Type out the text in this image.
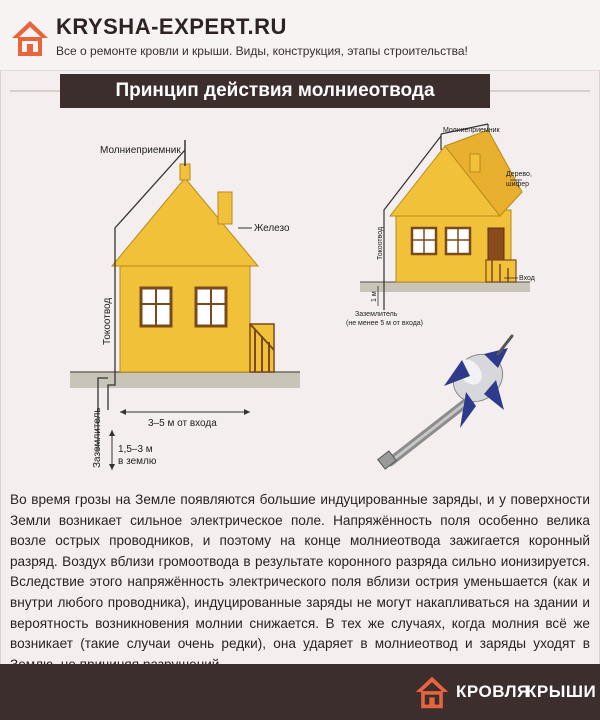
KRYSHA-EXPERT.RU
Все о ремонте кровли и крыши. Виды, конструкция, этапы строительства!
Принцип действия молниеотвода
Молниеприемник
Железо
Токоотвод
Заземлитель	3–5 м от входа
1,5–3 м
в землю
Молниеприемник
Дерево,
шифер
Токоотвод
Вход
1 м
Заземлитель
(не менее 5 м от входа)
Во время грозы на Земле появляются большие индуцированные заряды, и у поверхности Земли возникает сильное электрическое поле. Напряжённость поля особенно велика возле острых проводников, и поэтому на конце молниеотвода зажигается коронный разряд. Воздух вблизи громоотвода в результате коронного разряда сильно ионизируется. Вследствие этого напряжённость электрического поля вблизи острия уменьшается (как и внутри любого проводника), индуцированные заряды не могут накапливаться на здании и вероятность возникновения молнии снижается. В тех же случаях, когда молния всё же возникает (такие случаи очень редки), она ударяет в молниеотвод и заряды уходят в
КРОВЛЯ
КРЫШИ
